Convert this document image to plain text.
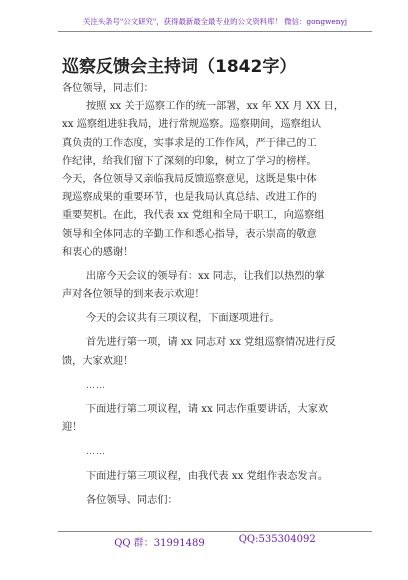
关注头条号"公文研究"，获得最新最全最专业的公文资料库！ 微信：gongwenyj
巡察反馈会主持词（1842字）
各位领导，同志们：
按照 xx 关于巡察工作的统一部署，xx 年 XX 月 XX 日，
xx 巡察组进驻我局，进行常规巡察。巡察期间，巡察组认
真负责的工作态度，实事求是的工作作风，严于律己的工
作纪律，给我们留下了深刻的印象，树立了学习的榜样。
今天，各位领导又亲临我局反馈巡察意见，这既是集中体
现巡察成果的重要环节，也是我局认真总结、改进工作的
重要契机。在此，我代表 xx 党组和全局干职工，向巡察组
领导和全体同志的辛勤工作和悉心指导，表示崇高的敬意
和衷心的感谢！
出席今天会议的领导有：xx 同志，让我们以热烈的掌
声对各位领导的到来表示欢迎！
今天的会议共有三项议程，下面逐项进行。
首先进行第一项，请 xx 同志对 xx 党组巡察情况进行反
馈，大家欢迎！
……
下面进行第二项议程，请 xx 同志作重要讲话，大家欢
迎！
……
下面进行第三项议程，由我代表 xx 党组作表态发言。
各位领导、同志们：
QQ 群：31991489	QQ:535304092
